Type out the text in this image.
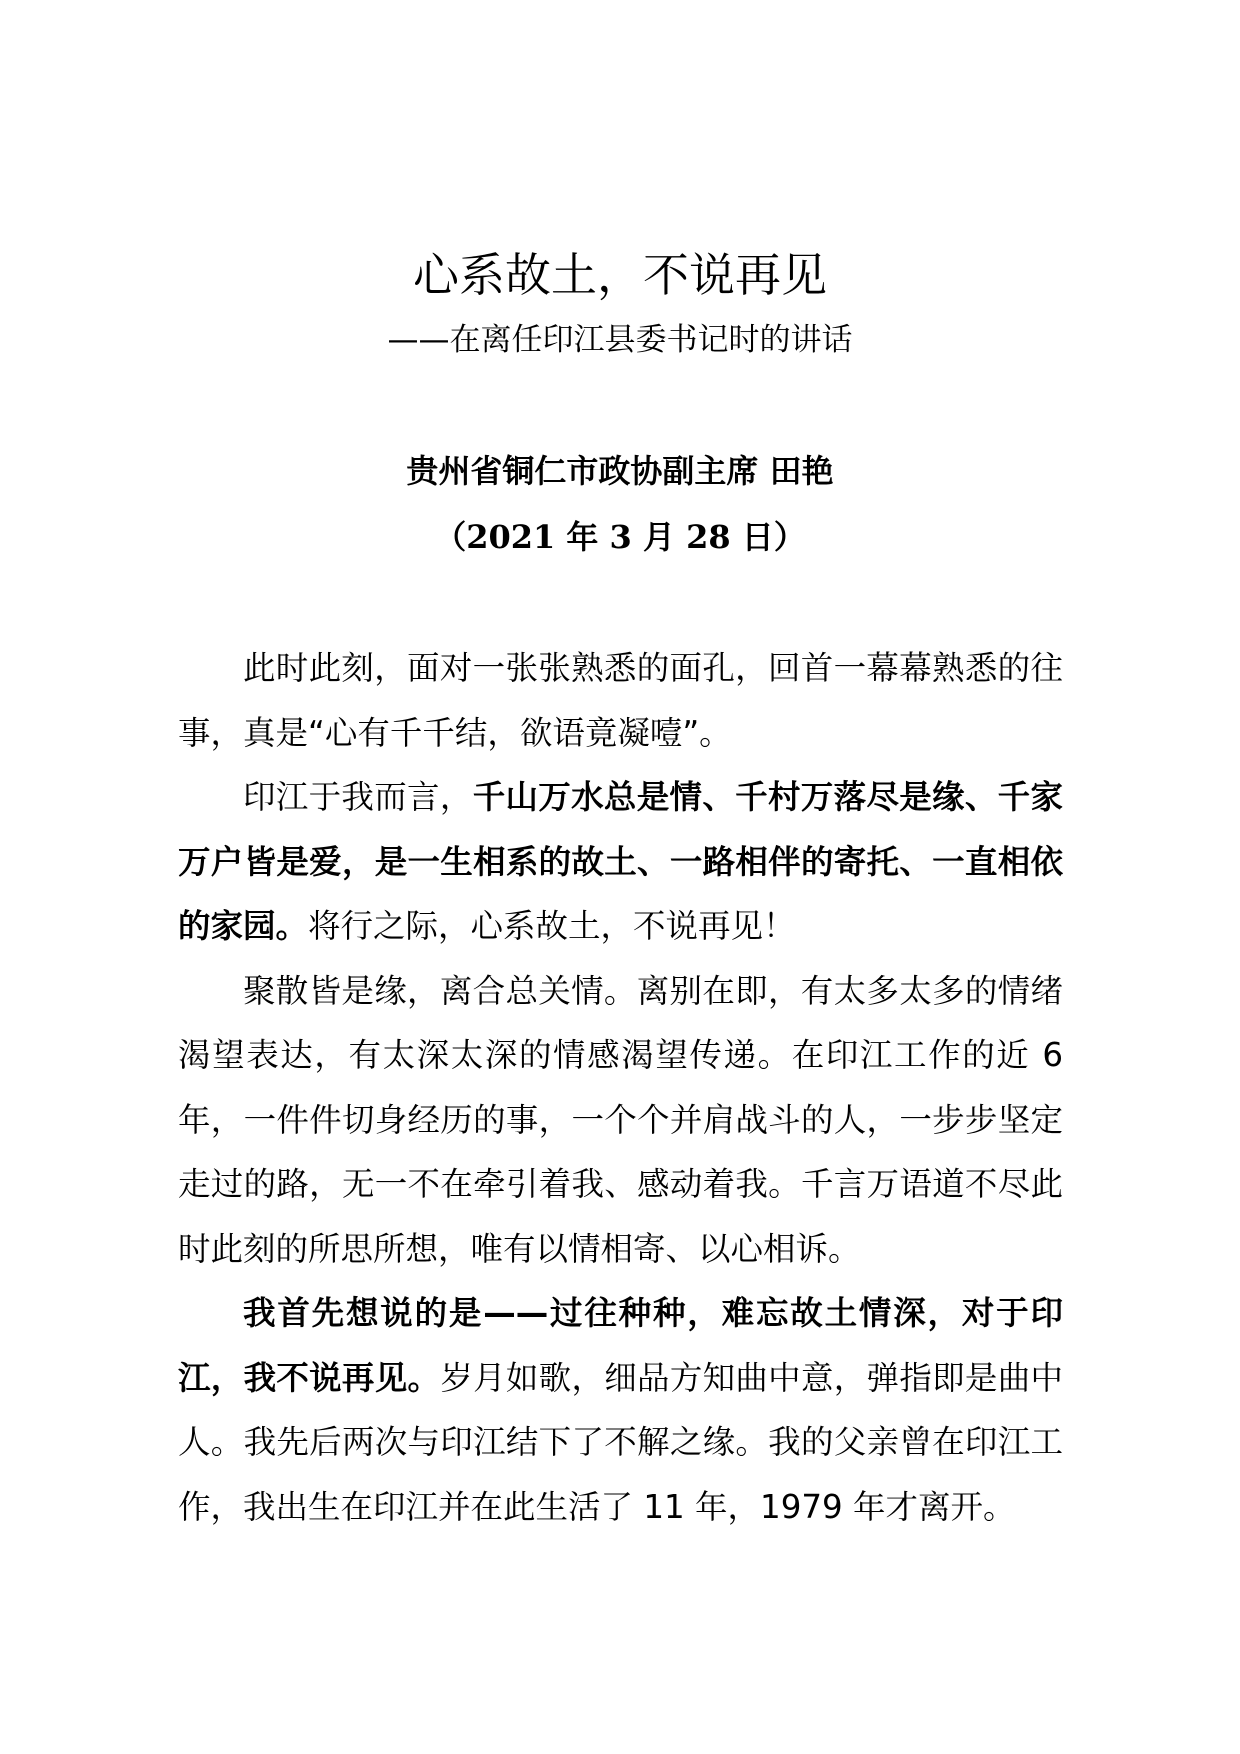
心系故土，不说再见

——在离任印江县委书记时的讲话

贵州省铜仁市政协副主席 田艳

（2021 年 3 月 28 日）

此时此刻，面对一张张熟悉的面孔，回首一幕幕熟悉的往事，真是“心有千千结，欲语竟凝噎”。

印江于我而言，千山万水总是情、千村万落尽是缘、千家万户皆是爱，是一生相系的故土、一路相伴的寄托、一直相依的家园。将行之际，心系故土，不说再见！

聚散皆是缘，离合总关情。离别在即，有太多太多的情绪渴望表达，有太深太深的情感渴望传递。在印江工作的近 6 年，一件件切身经历的事，一个个并肩战斗的人，一步步坚定走过的路，无一不在牵引着我、感动着我。千言万语道不尽此时此刻的所思所想，唯有以情相寄、以心相诉。

我首先想说的是——过往种种，难忘故土情深，对于印江，我不说再见。岁月如歌，细品方知曲中意，弹指即是曲中人。我先后两次与印江结下了不解之缘。我的父亲曾在印江工作，我出生在印江并在此生活了 11 年，1979 年才离开。
